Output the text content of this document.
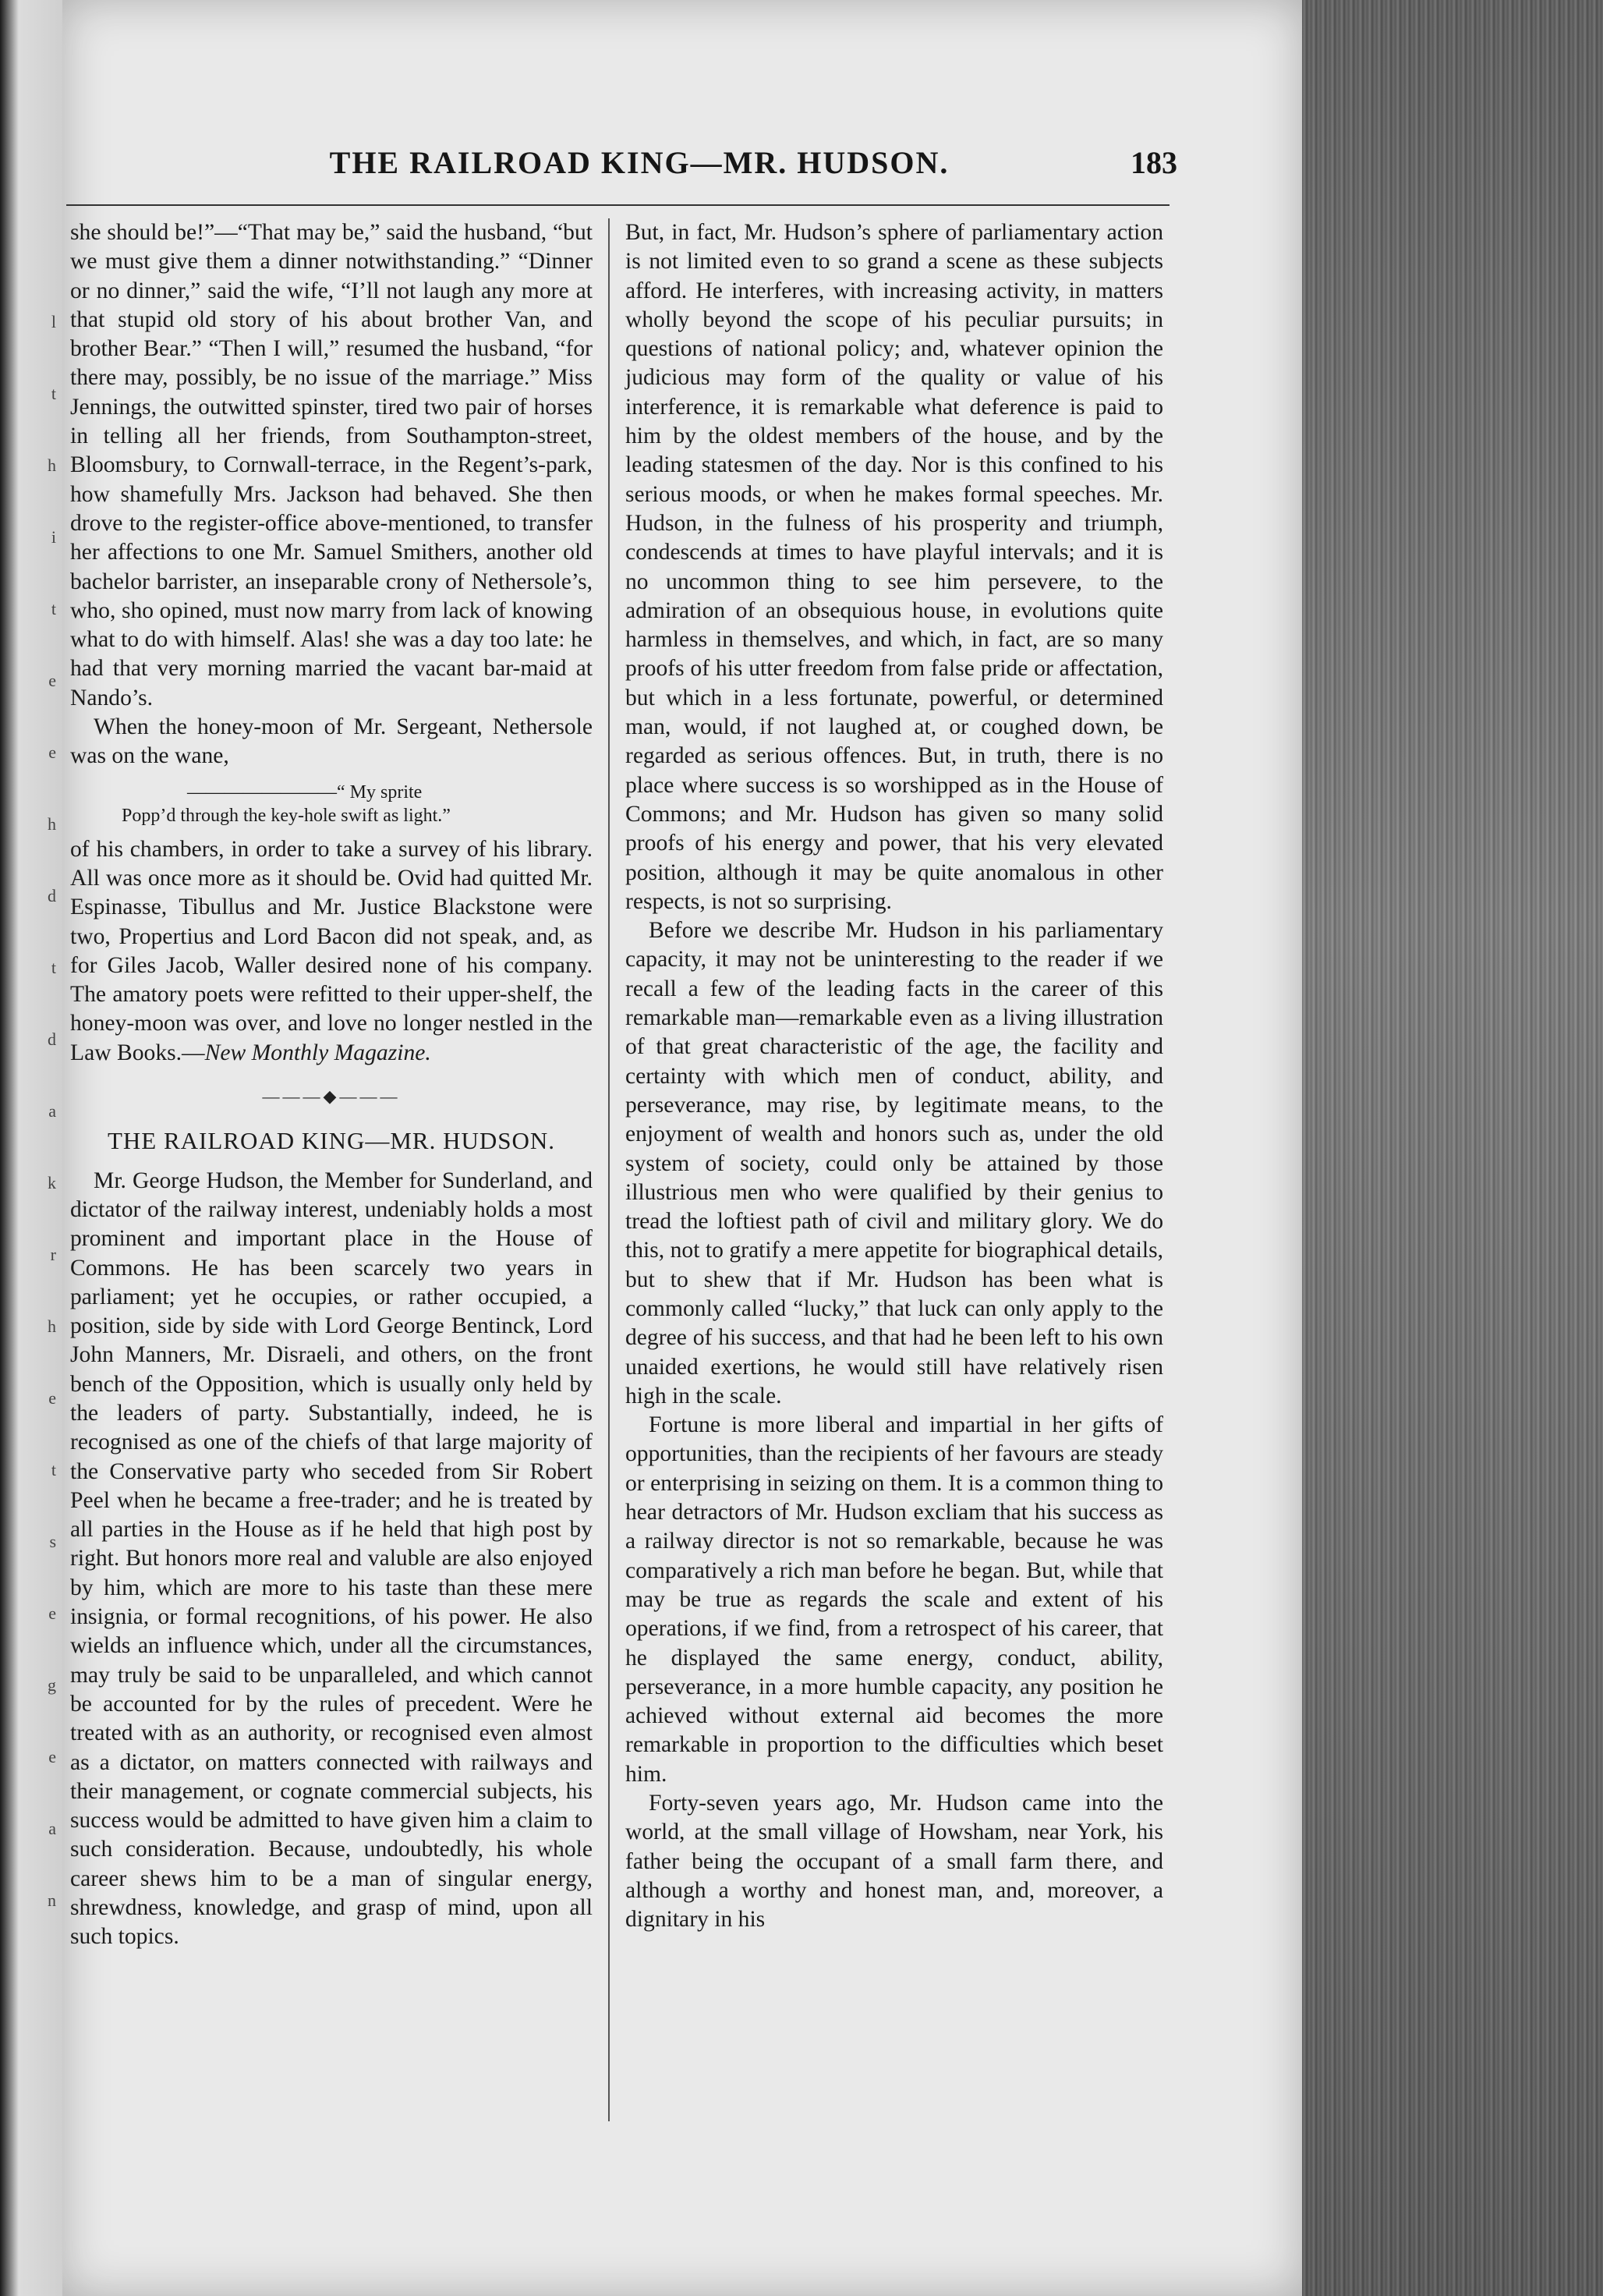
l
t
h
i
t
e
e
h
d
t
d
a
k
r
h
e
t
s
e
g
e
a
n
THE RAILROAD KING—MR. HUDSON.	183

she should be!”—“That may be,” said the husband, “but we must give them a dinner notwithstanding.” “Dinner or no dinner,” said the wife, “I’ll not laugh any more at that stupid old story of his about brother Van, and brother Bear.” “Then I will,” resumed the husband, “for there may, possibly, be no issue of the marriage.” Miss Jennings, the outwitted spinster, tired two pair of horses in telling all her friends, from Southampton-street, Bloomsbury, to Cornwall-terrace, in the Regent’s-park, how shamefully Mrs. Jackson had behaved. She then drove to the register-office above-mentioned, to transfer her affections to one Mr. Samuel Smithers, another old bachelor barrister, an inseparable crony of Nethersole’s, who, sho opined, must now marry from lack of knowing what to do with himself. Alas! she was a day too late: he had that very morning married the vacant bar-maid at Nando’s.

When the honey-moon of Mr. Sergeant, Nethersole was on the wane,

————————“ My sprite
Popp’d through the key-hole swift as light.”

of his chambers, in order to take a survey of his library. All was once more as it should be. Ovid had quitted Mr. Espinasse, Tibullus and Mr. Justice Blackstone were two, Propertius and Lord Bacon did not speak, and, as for Giles Jacob, Waller desired none of his company. The amatory poets were refitted to their upper-shelf, the honey-moon was over, and love no longer nestled in the Law Books.—New Monthly Magazine.

———◆———
THE RAILROAD KING—MR. HUDSON.

Mr. George Hudson, the Member for Sunderland, and dictator of the railway interest, undeniably holds a most prominent and important place in the House of Commons. He has been scarcely two years in parliament; yet he occupies, or rather occupied, a position, side by side with Lord George Bentinck, Lord John Manners, Mr. Disraeli, and others, on the front bench of the Opposition, which is usually only held by the leaders of party. Substantially, indeed, he is recognised as one of the chiefs of that large majority of the Conservative party who seceded from Sir Robert Peel when he became a free-trader; and he is treated by all parties in the House as if he held that high post by right. But honors more real and valuble are also enjoyed by him, which are more to his taste than these mere insignia, or formal recognitions, of his power. He also wields an influence which, under all the circumstances, may truly be said to be unparalleled, and which cannot be accounted for by the rules of precedent. Were he treated with as an authority, or recognised even almost as a dictator, on matters connected with railways and their management, or cognate commercial subjects, his success would be admitted to have given him a claim to such consideration. Because, undoubtedly, his whole career shews him to be a man of singular energy, shrewdness, knowledge, and grasp of mind, upon all such topics.

But, in fact, Mr. Hudson’s sphere of parliamentary action is not limited even to so grand a scene as these subjects afford. He interferes, with increasing activity, in matters wholly beyond the scope of his peculiar pursuits; in questions of national policy; and, whatever opinion the judicious may form of the quality or value of his interference, it is remarkable what deference is paid to him by the oldest members of the house, and by the leading statesmen of the day. Nor is this confined to his serious moods, or when he makes formal speeches. Mr. Hudson, in the fulness of his prosperity and triumph, condescends at times to have playful intervals; and it is no uncommon thing to see him persevere, to the admiration of an obsequious house, in evolutions quite harmless in themselves, and which, in fact, are so many proofs of his utter freedom from false pride or affectation, but which in a less fortunate, powerful, or determined man, would, if not laughed at, or coughed down, be regarded as serious offences. But, in truth, there is no place where success is so worshipped as in the House of Commons; and Mr. Hudson has given so many solid proofs of his energy and power, that his very elevated position, although it may be quite anomalous in other respects, is not so surprising.

Before we describe Mr. Hudson in his parliamentary capacity, it may not be uninteresting to the reader if we recall a few of the leading facts in the career of this remarkable man—remarkable even as a living illustration of that great characteristic of the age, the facility and certainty with which men of conduct, ability, and perseverance, may rise, by legitimate means, to the enjoyment of wealth and honors such as, under the old system of society, could only be attained by those illustrious men who were qualified by their genius to tread the loftiest path of civil and military glory. We do this, not to gratify a mere appetite for biographical details, but to shew that if Mr. Hudson has been what is commonly called “lucky,” that luck can only apply to the degree of his success, and that had he been left to his own unaided exertions, he would still have relatively risen high in the scale.

Fortune is more liberal and impartial in her gifts of opportunities, than the recipients of her favours are steady or enterprising in seizing on them. It is a common thing to hear detractors of Mr. Hudson excliam that his success as a railway director is not so remarkable, because he was comparatively a rich man before he began. But, while that may be true as regards the scale and extent of his operations, if we find, from a retrospect of his career, that he displayed the same energy, conduct, ability, perseverance, in a more humble capacity, any position he achieved without external aid becomes the more remarkable in proportion to the difficulties which beset him.

Forty-seven years ago, Mr. Hudson came into the world, at the small village of Howsham, near York, his father being the occupant of a small farm there, and although a worthy and honest man, and, moreover, a dignitary in his
